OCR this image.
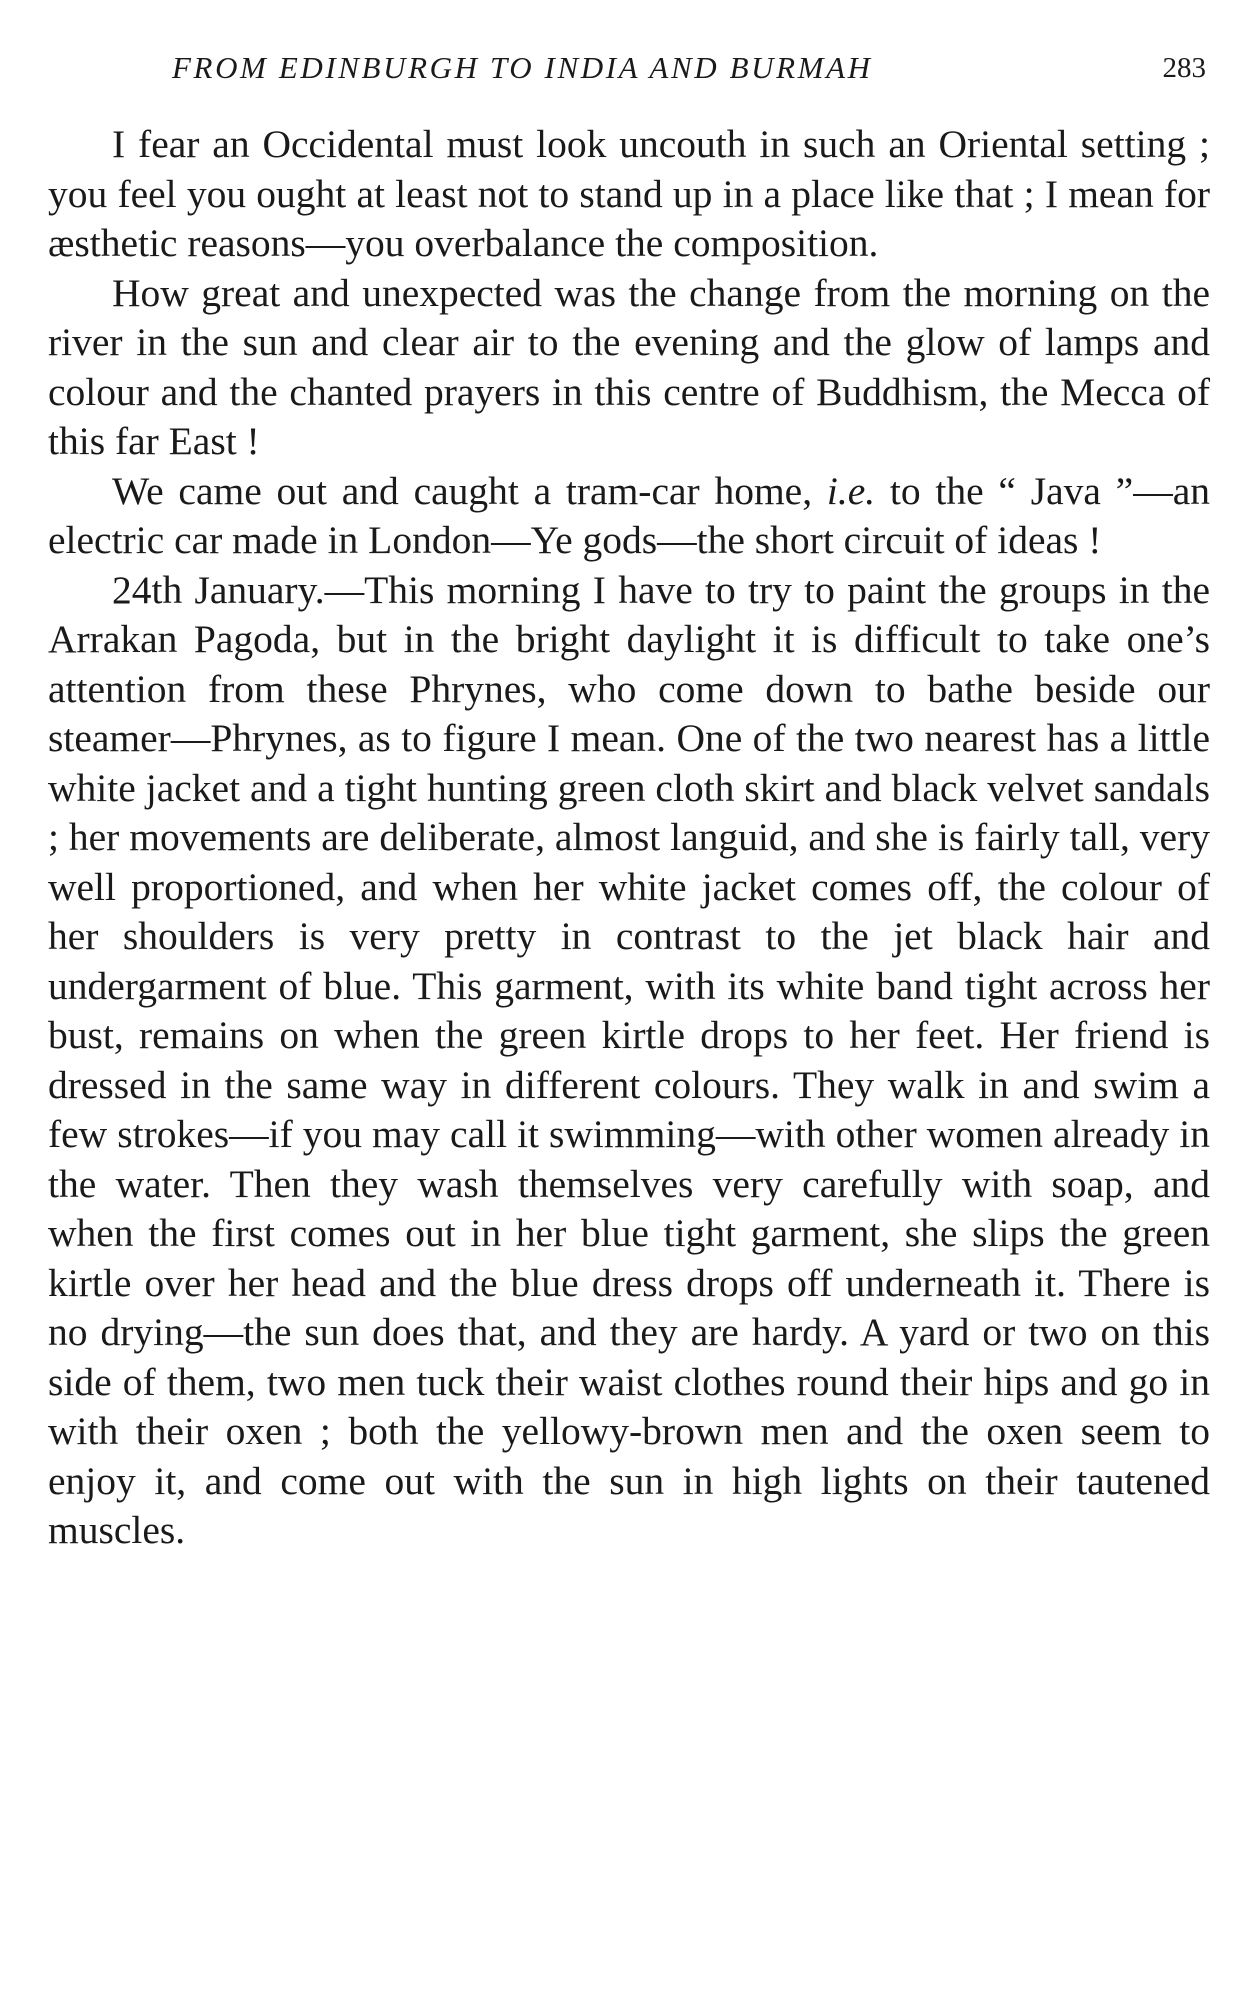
FROM EDINBURGH TO INDIA AND BURMAH	283

I fear an Occidental must look uncouth in such an Oriental setting ; you feel you ought at least not to stand up in a place like that ; I mean for æsthetic reasons—you overbalance the composition.

How great and unexpected was the change from the morning on the river in the sun and clear air to the evening and the glow of lamps and colour and the chanted prayers in this centre of Buddhism, the Mecca of this far East !

We came out and caught a tram-car home, i.e. to the “ Java ”—an electric car made in London—Ye gods—the short circuit of ideas !

24th January.—This morning I have to try to paint the groups in the Arrakan Pagoda, but in the bright daylight it is difficult to take one’s attention from these Phrynes, who come down to bathe beside our steamer—Phrynes, as to figure I mean. One of the two nearest has a little white jacket and a tight hunting green cloth skirt and black velvet sandals ; her movements are deliberate, almost languid, and she is fairly tall, very well proportioned, and when her white jacket comes off, the colour of her shoulders is very pretty in contrast to the jet black hair and undergarment of blue. This garment, with its white band tight across her bust, remains on when the green kirtle drops to her feet. Her friend is dressed in the same way in different colours. They walk in and swim a few strokes—if you may call it swimming—with other women already in the water. Then they wash themselves very carefully with soap, and when the first comes out in her blue tight garment, she slips the green kirtle over her head and the blue dress drops off underneath it. There is no drying—the sun does that, and they are hardy. A yard or two on this side of them, two men tuck their waist clothes round their hips and go in with their oxen ; both the yellowy-brown men and the oxen seem to enjoy it, and come out with the sun in high lights on their tautened muscles.
